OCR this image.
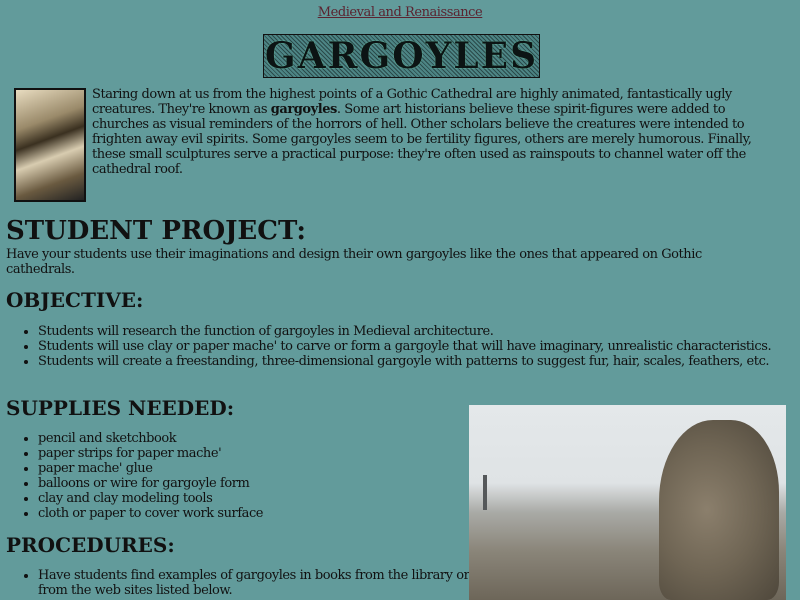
Medieval and Renaissance
GARGOYLES

Staring down at us from the highest points of a Gothic Cathedral are highly animated, fantastically ugly creatures. They're known as gargoyles. Some art historians believe these spirit-figures were added to churches as visual reminders of the horrors of hell. Other scholars believe the creatures were intended to frighten away evil spirits. Some gargoyles seem to be fertility figures, others are merely humorous. Finally, these small sculptures serve a practical purpose: they're often used as rainspouts to channel water off the cathedral roof.

STUDENT PROJECT:

Have your students use their imaginations and design their own gargoyles like the ones that appeared on Gothic cathedrals.

OBJECTIVE:
• Students will research the function of gargoyles in Medieval architecture.
• Students will use clay or paper mache' to carve or form a gargoyle that will have imaginary, unrealistic characteristics.
• Students will create a freestanding, three-dimensional gargoyle with patterns to suggest fur, hair, scales, feathers, etc.
SUPPLIES NEEDED:
• pencil and sketchbook
• paper strips for paper mache'
• paper mache' glue
• balloons or wire for gargoyle form
• clay and clay modeling tools
• cloth or paper to cover work surface
PROCEDURES:
• Have students find examples of gargoyles in books from the library or from the web sites listed below.
